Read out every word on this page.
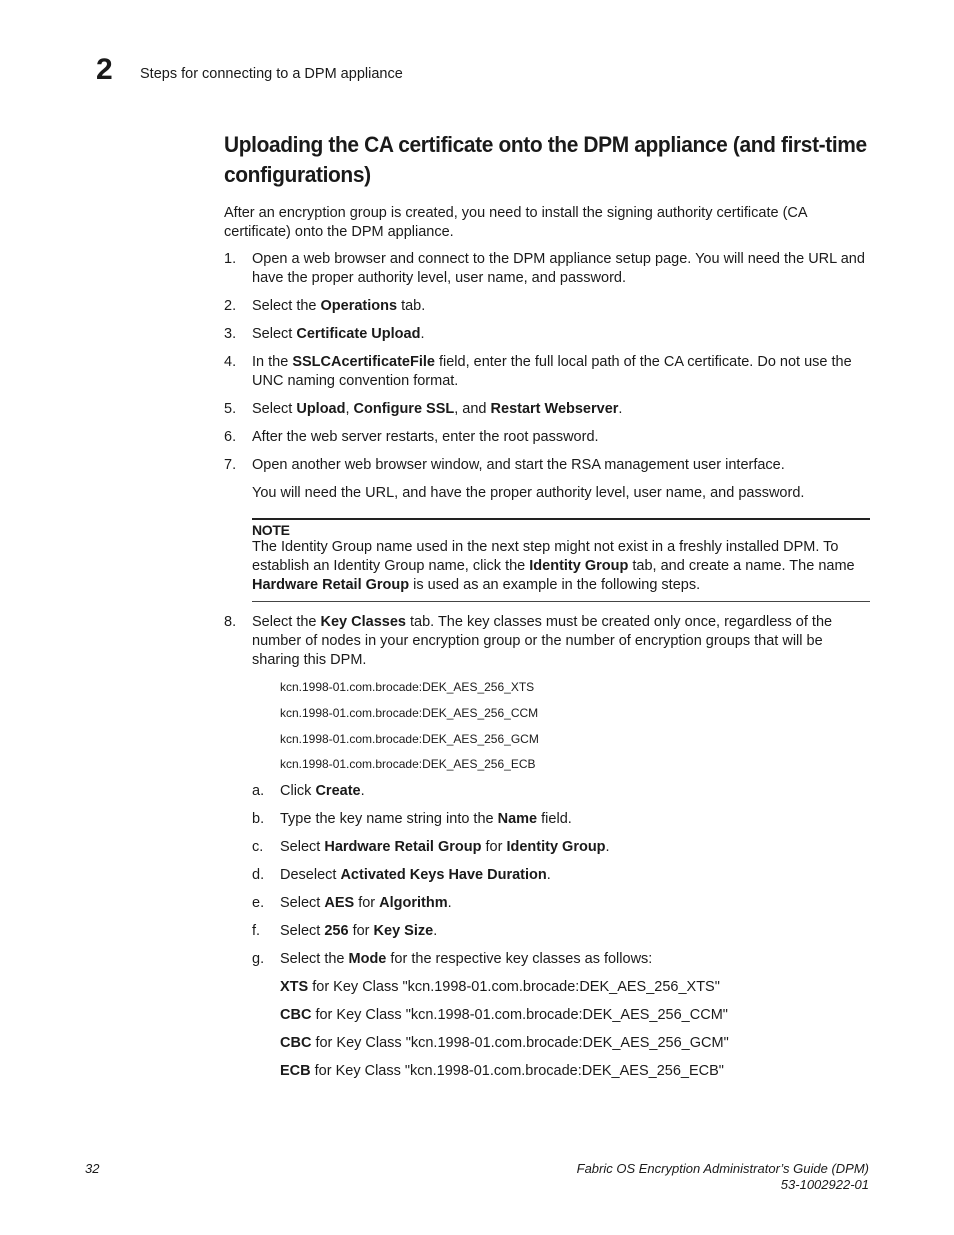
2 Steps for connecting to a DPM appliance
Uploading the CA certificate onto the DPM appliance (and first-time
configurations)
After an encryption group is created, you need to install the signing authority certificate (CA
certificate) onto the DPM appliance.
1.	Open a web browser and connect to the DPM appliance setup page. You will need the URL and
have the proper authority level, user name, and password.
2.	Select the Operations tab.
3.	Select Certificate Upload.
4.	In the SSLCAcertificateFile field, enter the full local path of the CA certificate. Do not use the
UNC naming convention format.
5.	Select Upload, Configure SSL, and Restart Webserver.
6.	After the web server restarts, enter the root password.
7.	Open another web browser window, and start the RSA management user interface.
You will need the URL, and have the proper authority level, user name, and password.
NOTE
The Identity Group name used in the next step might not exist in a freshly installed DPM. To
establish an Identity Group name, click the Identity Group tab, and create a name. The name
Hardware Retail Group is used as an example in the following steps.
8.	Select the Key Classes tab. The key classes must be created only once, regardless of the
number of nodes in your encryption group or the number of encryption groups that will be
sharing this DPM.
kcn.1998-01.com.brocade:DEK_AES_256_XTS
kcn.1998-01.com.brocade:DEK_AES_256_CCM
kcn.1998-01.com.brocade:DEK_AES_256_GCM
kcn.1998-01.com.brocade:DEK_AES_256_ECB
a. Click Create.
b. Type the key name string into the Name field.
c. Select Hardware Retail Group for Identity Group.
d. Deselect Activated Keys Have Duration.
e. Select AES for Algorithm.
f. Select 256 for Key Size.
g. Select the Mode for the respective key classes as follows:
XTS for Key Class "kcn.1998-01.com.brocade:DEK_AES_256_XTS"
CBC for Key Class "kcn.1998-01.com.brocade:DEK_AES_256_CCM"
CBC for Key Class "kcn.1998-01.com.brocade:DEK_AES_256_GCM"
ECB for Key Class "kcn.1998-01.com.brocade:DEK_AES_256_ECB"
32	Fabric OS Encryption Administrator’s Guide (DPM)
53-1002922-01
